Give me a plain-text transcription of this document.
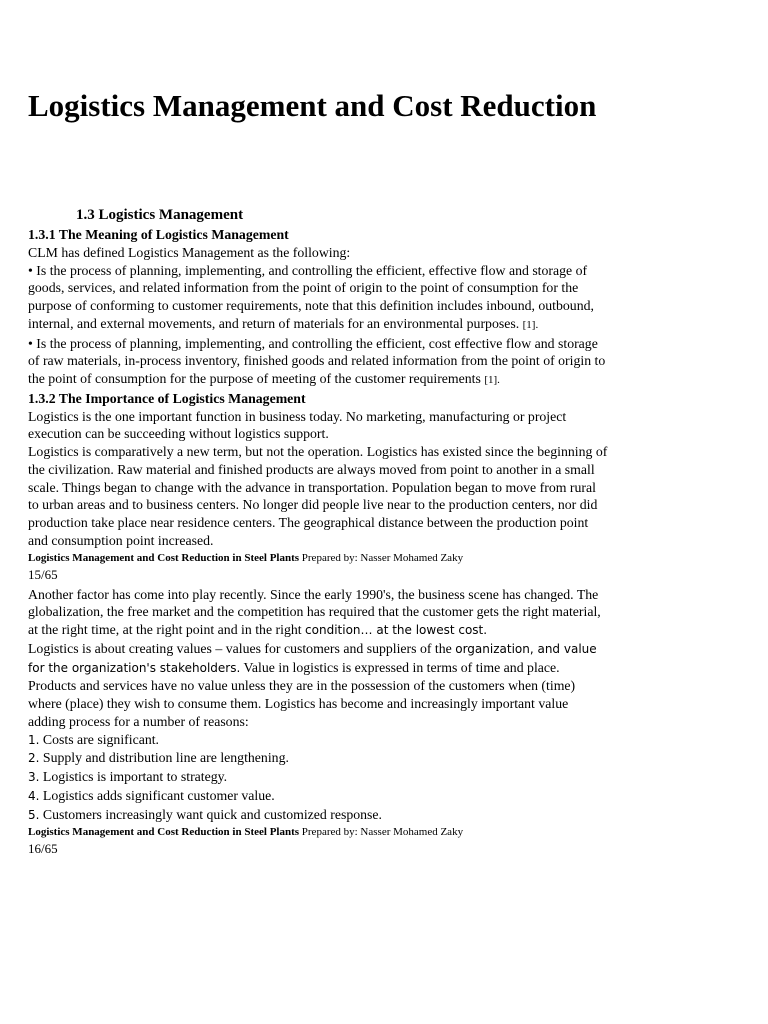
Logistics Management and Cost Reduction
1.3 Logistics Management

1.3.1 The Meaning of Logistics Management

CLM has defined Logistics Management as the following:

• Is the process of planning, implementing, and controlling the efficient, effective flow and storage of goods, services, and related information from the point of origin to the point of consumption for the purpose of conforming to customer requirements, note that this definition includes inbound, outbound, internal, and external movements, and return of materials for an environmental purposes. [1].

• Is the process of planning, implementing, and controlling the efficient, cost effective flow and storage of raw materials, in-process inventory, finished goods and related information from the point of origin to the point of consumption for the purpose of meeting of the customer requirements [1].

1.3.2 The Importance of Logistics Management

Logistics is the one important function in business today. No marketing, manufacturing or project execution can be succeeding without logistics support.

Logistics is comparatively a new term, but not the operation. Logistics has existed since the beginning of the civilization. Raw material and finished products are always moved from point to another in a small scale. Things began to change with the advance in transportation. Population began to move from rural to urban areas and to business centers. No longer did people live near to the production centers, nor did production take place near residence centers. The geographical distance between the production point and consumption point increased.

Logistics Management and Cost Reduction in Steel Plants Prepared by: Nasser Mohamed Zaky

15/65

Another factor has come into play recently. Since the early 1990's, the business scene has changed. The globalization, the free market and the competition has required that the customer gets the right material, at the right time, at the right point and in the right condition… at the lowest cost.

Logistics is about creating values – values for customers and suppliers of the organization, and value for the organization's stakeholders. Value in logistics is expressed in terms of time and place. Products and services have no value unless they are in the possession of the customers when (time) where (place) they wish to consume them. Logistics has become and increasingly important value adding process for a number of reasons:

1. Costs are significant.

2. Supply and distribution line are lengthening.

3. Logistics is important to strategy.

4. Logistics adds significant customer value.

5. Customers increasingly want quick and customized response.

Logistics Management and Cost Reduction in Steel Plants Prepared by: Nasser Mohamed Zaky

16/65
